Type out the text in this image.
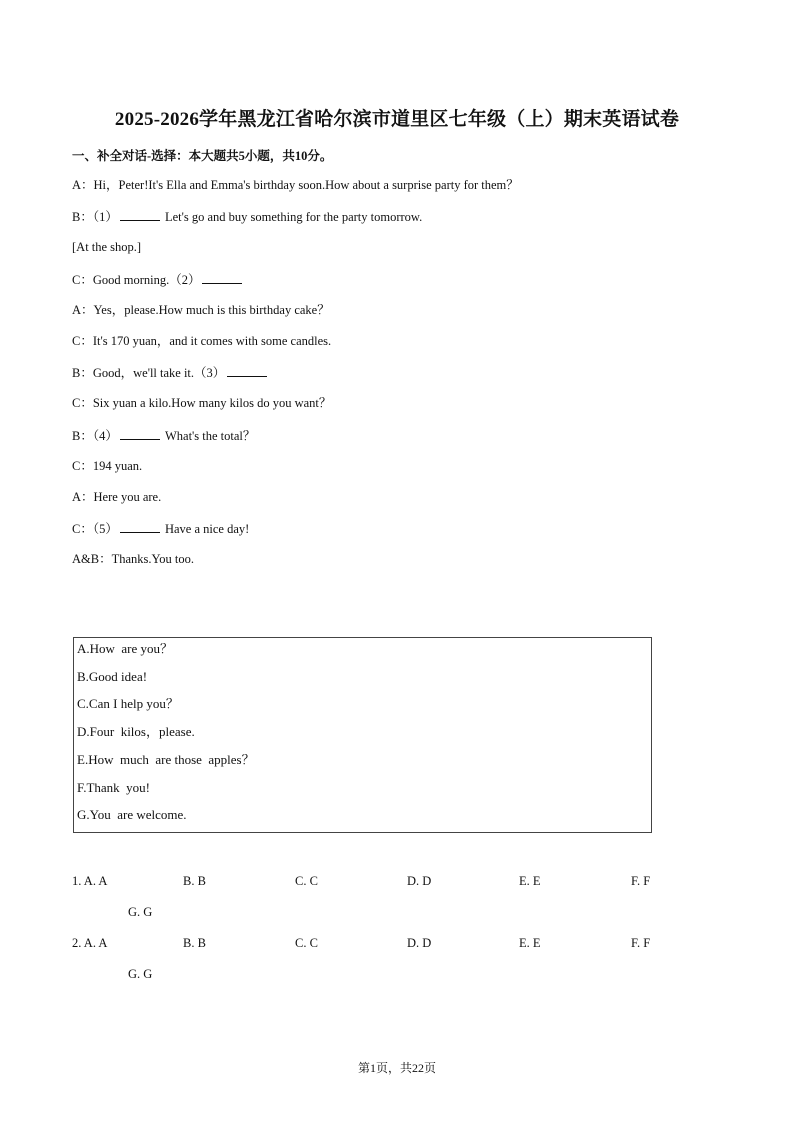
2025-2026学年黑龙江省哈尔滨市道里区七年级（上）期末英语试卷
一、补全对话-选择：本大题共5小题，共10分。
A：Hi，Peter!It's Ella and Emma's birthday soon.How about a surprise party for them？
B：（1）	Let's go and buy something for the party tomorrow.
[At the shop.]
C：Good morning.（2）
A：Yes，please.How much is this birthday cake？
C：It's 170 yuan，and it comes with some candles.
B：Good，we'll take it.（3）
C：Six yuan a kilo.How many kilos do you want？
B：（4）	What's the total？
C：194 yuan.
A：Here you are.
C：（5）	Have a nice day!
A&B：Thanks.You too.
A.How  are you？
B.Good idea!
C.Can I help you？
D.Four  kilos，please.
E.How  much  are those  apples？
F.Thank  you!
G.You  are welcome.
1. A. A	B. B	C. C	D. D	E. E	F. F
G. G
2. A. A	B. B	C. C	D. D	E. E	F. F
G. G
第1页，共22页
